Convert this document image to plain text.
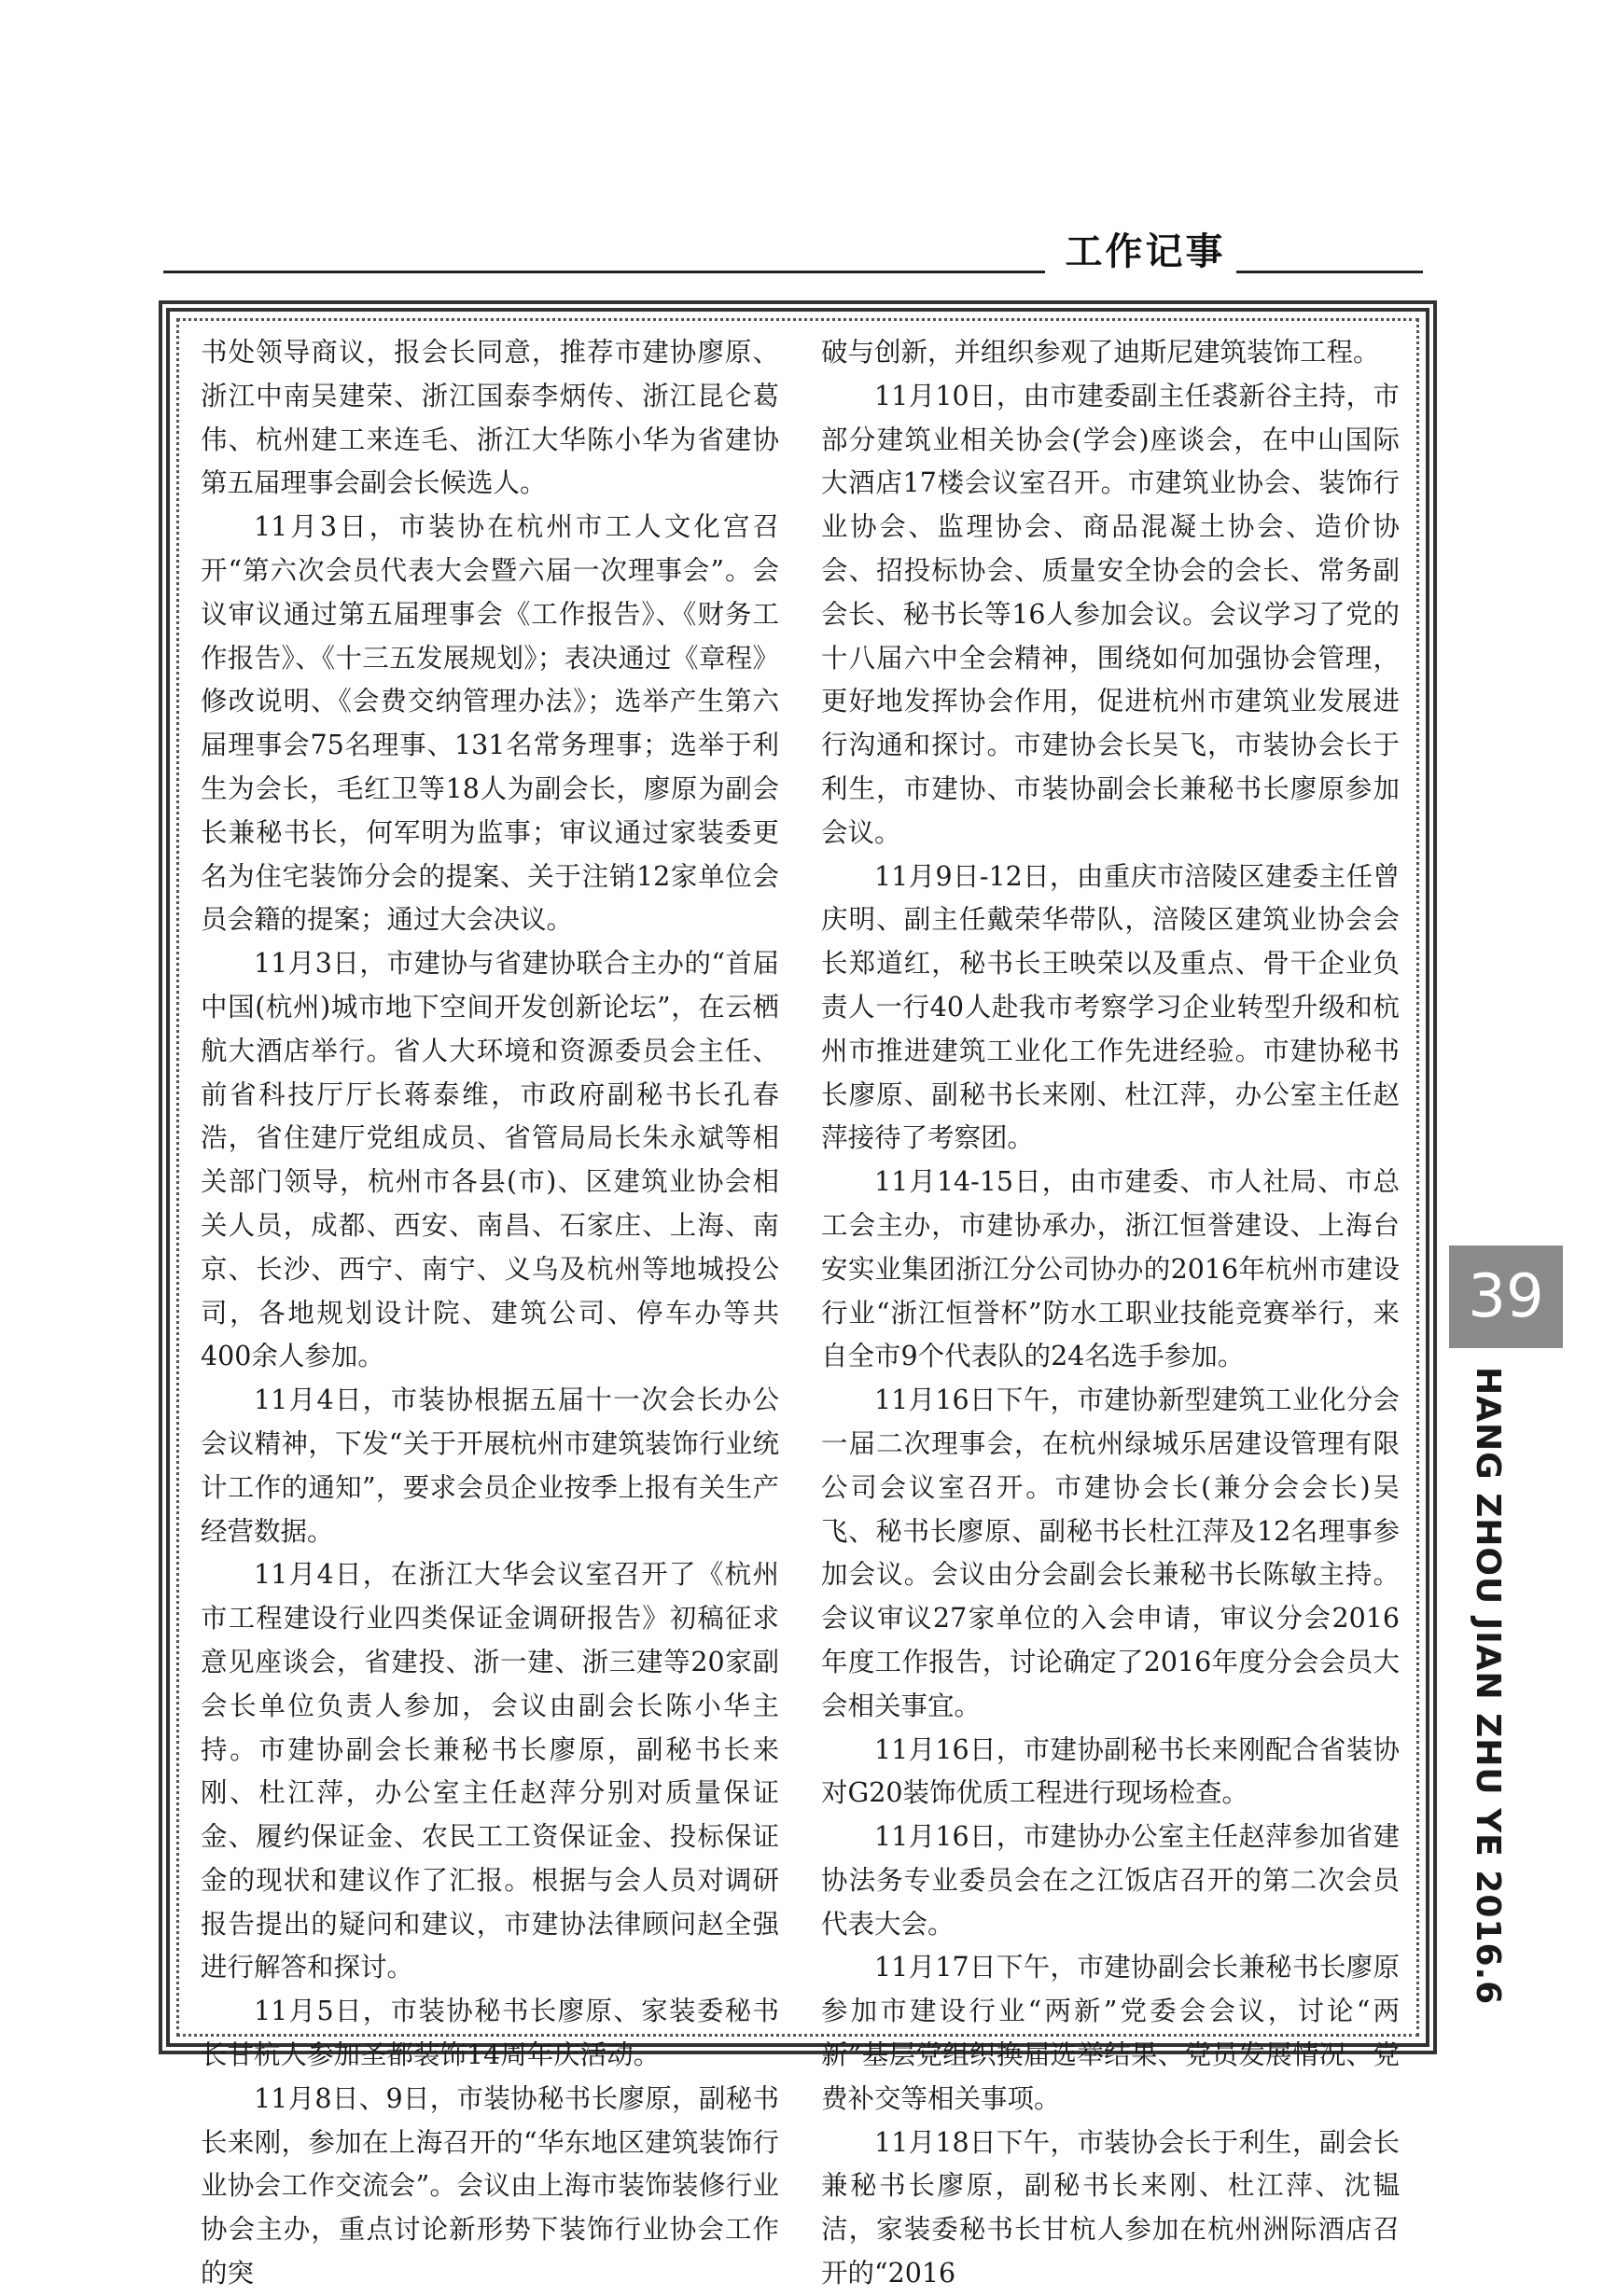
工作记事

书处领导商议，报会长同意，推荐市建协廖原、浙江中南吴建荣、浙江国泰李炳传、浙江昆仑葛伟、杭州建工来连毛、浙江大华陈小华为省建协第五届理事会副会长候选人。

11月3日，市装协在杭州市工人文化宫召开“第六次会员代表大会暨六届一次理事会”。会议审议通过第五届理事会《工作报告》、《财务工作报告》、《十三五发展规划》；表决通过《章程》修改说明、《会费交纳管理办法》；选举产生第六届理事会75名理事、131名常务理事；选举于利生为会长，毛红卫等18人为副会长，廖原为副会长兼秘书长，何军明为监事；审议通过家装委更名为住宅装饰分会的提案、关于注销12家单位会员会籍的提案；通过大会决议。

11月3日，市建协与省建协联合主办的“首届中国(杭州)城市地下空间开发创新论坛”，在云栖航大酒店举行。省人大环境和资源委员会主任、前省科技厅厅长蒋泰维，市政府副秘书长孔春浩，省住建厅党组成员、省管局局长朱永斌等相关部门领导，杭州市各县(市)、区建筑业协会相关人员，成都、西安、南昌、石家庄、上海、南京、长沙、西宁、南宁、义乌及杭州等地城投公司，各地规划设计院、建筑公司、停车办等共400余人参加。

11月4日，市装协根据五届十一次会长办公会议精神，下发“关于开展杭州市建筑装饰行业统计工作的通知”，要求会员企业按季上报有关生产经营数据。

11月4日，在浙江大华会议室召开了《杭州市工程建设行业四类保证金调研报告》初稿征求意见座谈会，省建投、浙一建、浙三建等20家副会长单位负责人参加，会议由副会长陈小华主持。市建协副会长兼秘书长廖原，副秘书长来刚、杜江萍，办公室主任赵萍分别对质量保证金、履约保证金、农民工工资保证金、投标保证金的现状和建议作了汇报。根据与会人员对调研报告提出的疑问和建议，市建协法律顾问赵全强进行解答和探讨。

11月5日，市装协秘书长廖原、家装委秘书长甘杭人参加圣都装饰14周年庆活动。

11月8日、9日，市装协秘书长廖原，副秘书长来刚，参加在上海召开的“华东地区建筑装饰行业协会工作交流会”。会议由上海市装饰装修行业协会主办，重点讨论新形势下装饰行业协会工作的突

破与创新，并组织参观了迪斯尼建筑装饰工程。

11月10日，由市建委副主任裘新谷主持，市部分建筑业相关协会(学会)座谈会，在中山国际大酒店17楼会议室召开。市建筑业协会、装饰行业协会、监理协会、商品混凝土协会、造价协会、招投标协会、质量安全协会的会长、常务副会长、秘书长等16人参加会议。会议学习了党的十八届六中全会精神，围绕如何加强协会管理，更好地发挥协会作用，促进杭州市建筑业发展进行沟通和探讨。市建协会长吴飞，市装协会长于利生，市建协、市装协副会长兼秘书长廖原参加会议。

11月9日-12日，由重庆市涪陵区建委主任曾庆明、副主任戴荣华带队，涪陵区建筑业协会会长郑道红，秘书长王映荣以及重点、骨干企业负责人一行40人赴我市考察学习企业转型升级和杭州市推进建筑工业化工作先进经验。市建协秘书长廖原、副秘书长来刚、杜江萍，办公室主任赵萍接待了考察团。

11月14-15日，由市建委、市人社局、市总工会主办，市建协承办，浙江恒誉建设、上海台安实业集团浙江分公司协办的2016年杭州市建设行业“浙江恒誉杯”防水工职业技能竞赛举行，来自全市9个代表队的24名选手参加。

11月16日下午，市建协新型建筑工业化分会一届二次理事会，在杭州绿城乐居建设管理有限公司会议室召开。市建协会长(兼分会会长)吴飞、秘书长廖原、副秘书长杜江萍及12名理事参加会议。会议由分会副会长兼秘书长陈敏主持。会议审议27家单位的入会申请，审议分会2016年度工作报告，讨论确定了2016年度分会会员大会相关事宜。

11月16日，市建协副秘书长来刚配合省装协对G20装饰优质工程进行现场检查。

11月16日，市建协办公室主任赵萍参加省建协法务专业委员会在之江饭店召开的第二次会员代表大会。

11月17日下午，市建协副会长兼秘书长廖原参加市建设行业“两新”党委会会议，讨论“两新”基层党组织换届选举结果、党员发展情况、党费补交等相关事项。

11月18日下午，市装协会长于利生，副会长兼秘书长廖原，副秘书长来刚、杜江萍、沈韫洁，家装委秘书长甘杭人参加在杭州洲际酒店召开的“2016

39
HANG ZHOU JIAN ZHU YE 2016.6
